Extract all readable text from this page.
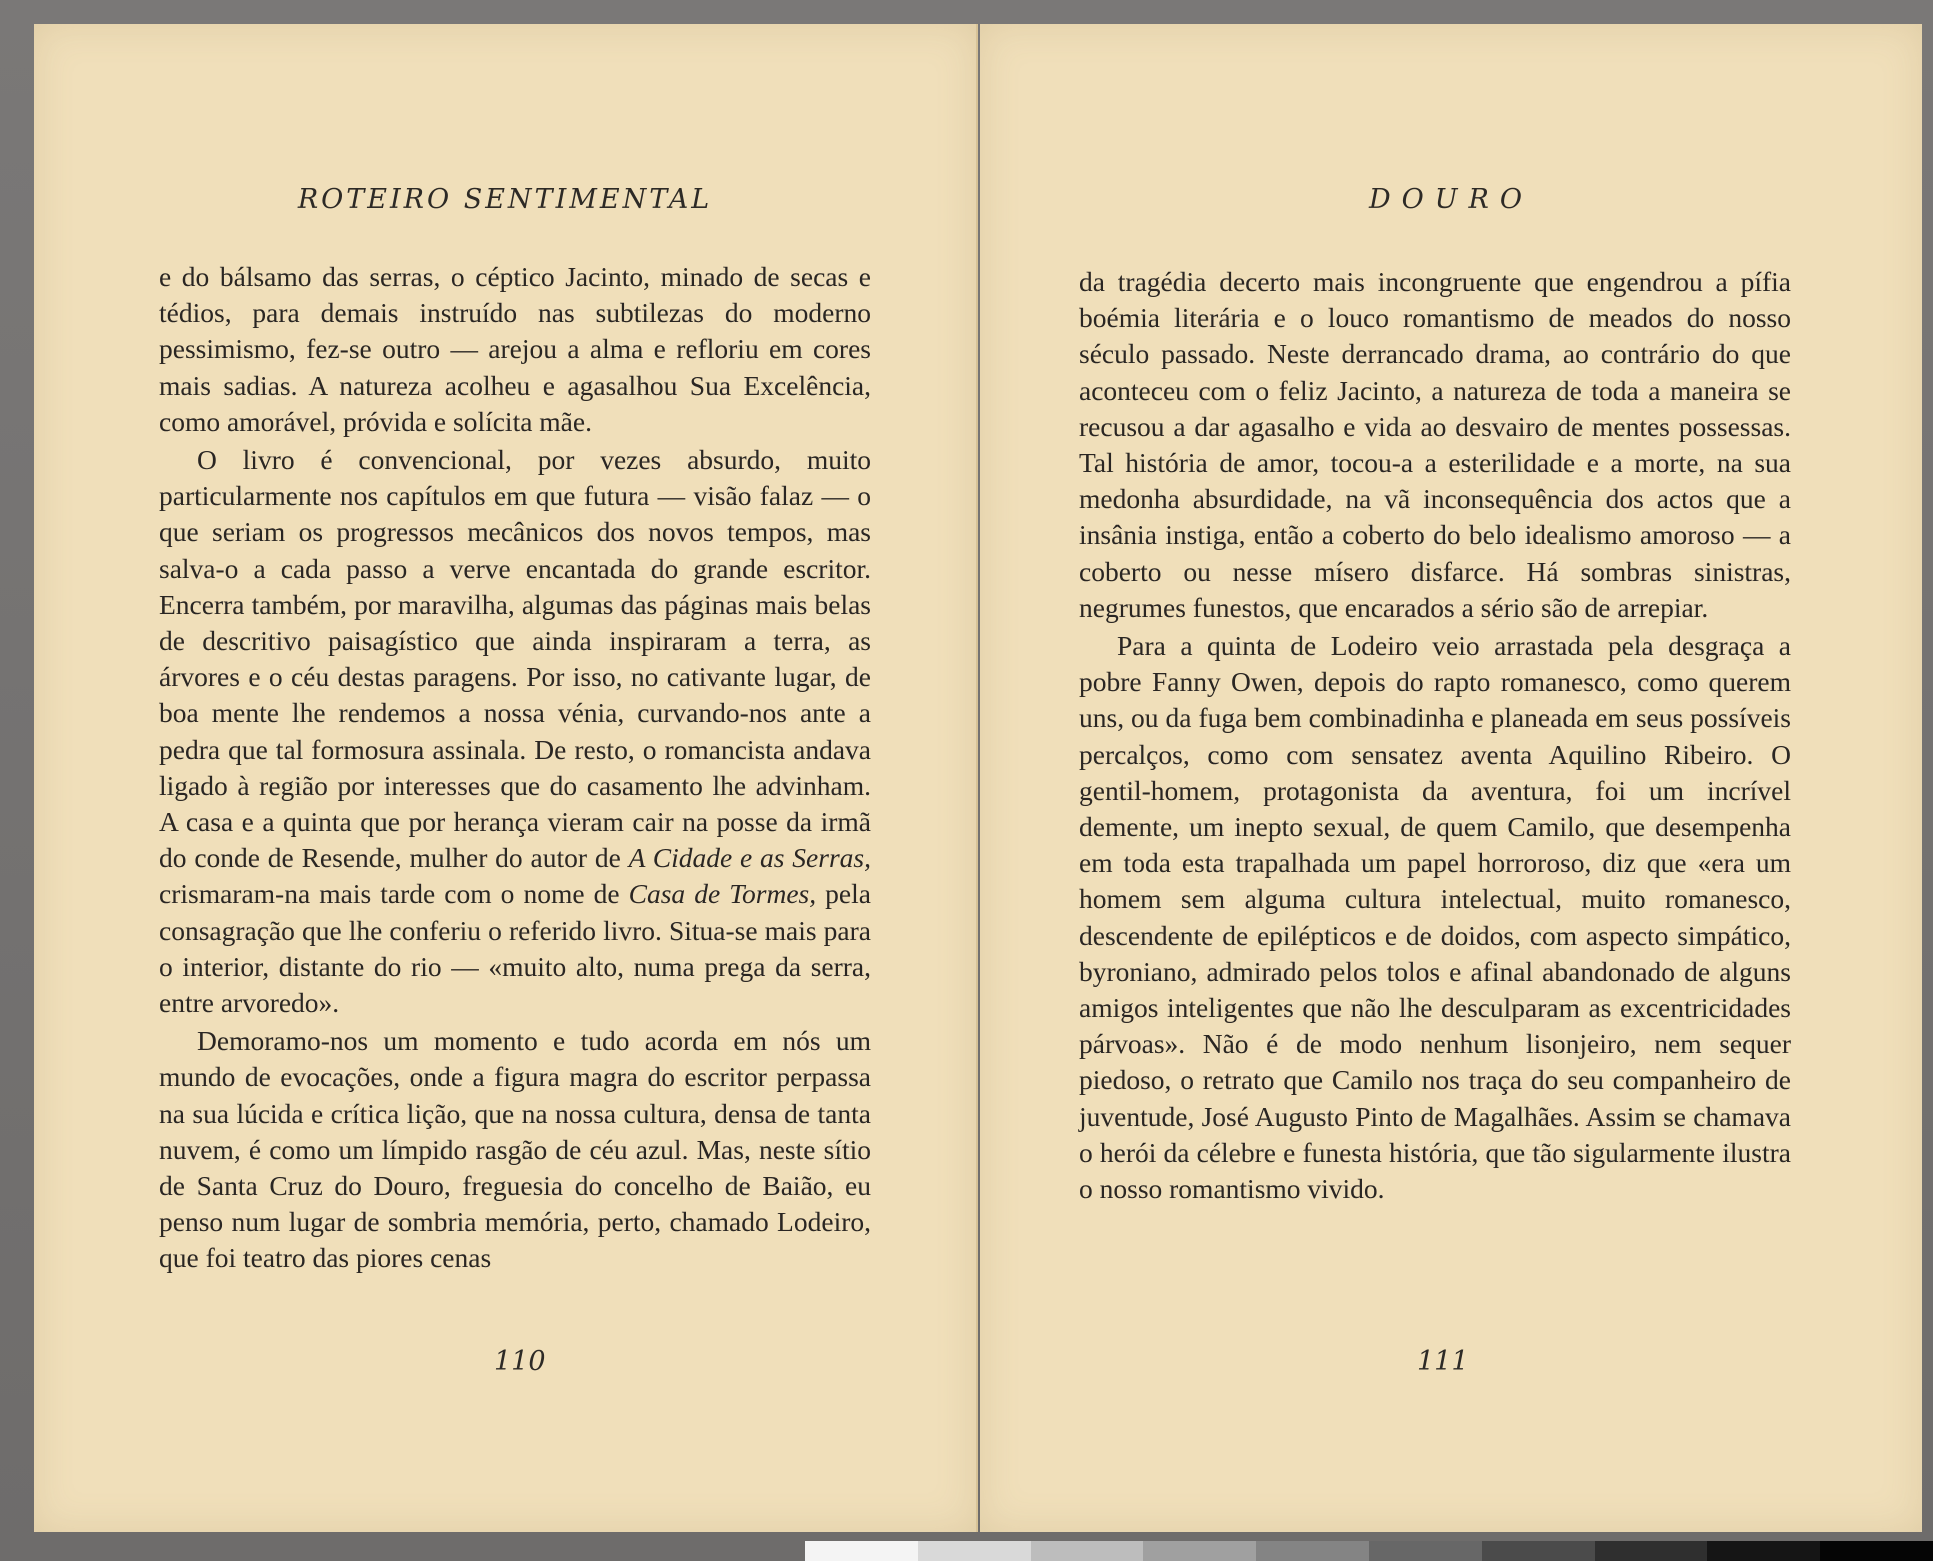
ROTEIRO SENTIMENTAL

e do bálsamo das serras, o céptico Jacinto, minado de secas e tédios, para demais instruído nas subtilezas do moderno pessimismo, fez-se outro — arejou a alma e refloriu em cores mais sadias. A natureza acolheu e agasalhou Sua Excelência, como amorável, próvida e solícita mãe.

O livro é convencional, por vezes absurdo, muito particularmente nos capítulos em que futura — visão falaz — o que seriam os progressos mecânicos dos novos tempos, mas salva-o a cada passo a verve encantada do grande escritor. Encerra também, por maravilha, algumas das páginas mais belas de descritivo paisagístico que ainda inspiraram a terra, as árvores e o céu destas paragens. Por isso, no cativante lugar, de boa mente lhe rendemos a nossa vénia, curvando-nos ante a pedra que tal formosura assinala. De resto, o romancista andava ligado à região por interesses que do casamento lhe advinham. A casa e a quinta que por herança vieram cair na posse da irmã do conde de Resende, mulher do autor de A Cidade e as Serras, crismaram-na mais tarde com o nome de Casa de Tormes, pela consagração que lhe conferiu o referido livro. Situa-se mais para o interior, distante do rio — «muito alto, numa prega da serra, entre arvoredo».

Demoramo-nos um momento e tudo acorda em nós um mundo de evocações, onde a figura magra do escritor perpassa na sua lúcida e crítica lição, que na nossa cultura, densa de tanta nuvem, é como um límpido rasgão de céu azul. Mas, neste sítio de Santa Cruz do Douro, freguesia do concelho de Baião, eu penso num lugar de sombria memória, perto, chamado Lodeiro, que foi teatro das piores cenas

110
DOURO

da tragédia decerto mais incongruente que engendrou a pífia boémia literária e o louco romantismo de meados do nosso século passado. Neste derrancado drama, ao contrário do que aconteceu com o feliz Jacinto, a natureza de toda a maneira se recusou a dar agasalho e vida ao desvairo de mentes possessas. Tal história de amor, tocou-a a esterilidade e a morte, na sua medonha absurdidade, na vã inconsequência dos actos que a insânia instiga, então a coberto do belo idealismo amoroso — a coberto ou nesse mísero disfarce. Há sombras sinistras, negrumes funestos, que encarados a sério são de arrepiar.

Para a quinta de Lodeiro veio arrastada pela desgraça a pobre Fanny Owen, depois do rapto romanesco, como querem uns, ou da fuga bem combinadinha e planeada em seus possíveis percalços, como com sensatez aventa Aquilino Ribeiro. O gentil-homem, protagonista da aventura, foi um incrível demente, um inepto sexual, de quem Camilo, que desempenha em toda esta trapalhada um papel horroroso, diz que «era um homem sem alguma cultura intelectual, muito romanesco, descendente de epilépticos e de doidos, com aspecto simpático, byroniano, admirado pelos tolos e afinal abandonado de alguns amigos inteligentes que não lhe desculparam as excentricidades párvoas». Não é de modo nenhum lisonjeiro, nem sequer piedoso, o retrato que Camilo nos traça do seu companheiro de juventude, José Augusto Pinto de Magalhães. Assim se chamava o herói da célebre e funesta história, que tão sigularmente ilustra o nosso romantismo vivido.

111
